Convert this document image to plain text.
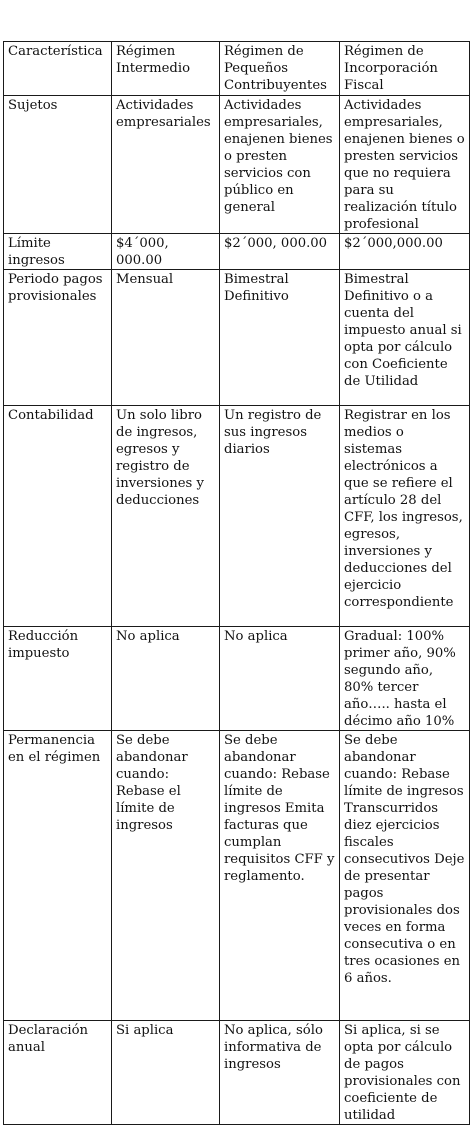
Característica	Régimen Intermedio	Régimen de Pequeños Contribuyentes	Régimen de Incorporación Fiscal
Sujetos	Actividades empresariales	Actividades empresariales, enajenen bienes o presten servicios con público en general	Actividades empresariales, enajenen bienes o presten servicios que no requiera para su realización título profesional
Límite ingresos	$4´000, 000.00	$2´000, 000.00	$2´000,000.00
Periodo pagos provisionales	Mensual	Bimestral Definitivo	Bimestral Definitivo o a cuenta del impuesto anual si opta por cálculo con Coeficiente de Utilidad
Contabilidad	Un solo libro de ingresos, egresos y registro de inversiones y deducciones	Un registro de sus ingresos diarios	Registrar en los medios o sistemas electrónicos a que se refiere el artículo 28 del CFF, los ingresos, egresos, inversiones y deducciones del ejercicio correspondiente
Reducción impuesto	No aplica	No aplica	Gradual: 100% primer año, 90% segundo año, 80% tercer año….. hasta el décimo año 10%
Permanencia en el régimen	Se debe abandonar cuando: Rebase el límite de ingresos	Se debe abandonar cuando: Rebase límite de ingresos Emita facturas que cumplan requisitos CFF y reglamento.	Se debe abandonar cuando: Rebase límite de ingresos Transcurridos diez ejercicios fiscales consecutivos Deje de presentar pagos provisionales dos veces en forma consecutiva o en tres ocasiones en 6 años.
Declaración anual	Si aplica	No aplica, sólo informativa de ingresos	Si aplica, si se opta por cálculo de pagos provisionales con coeficiente de utilidad
